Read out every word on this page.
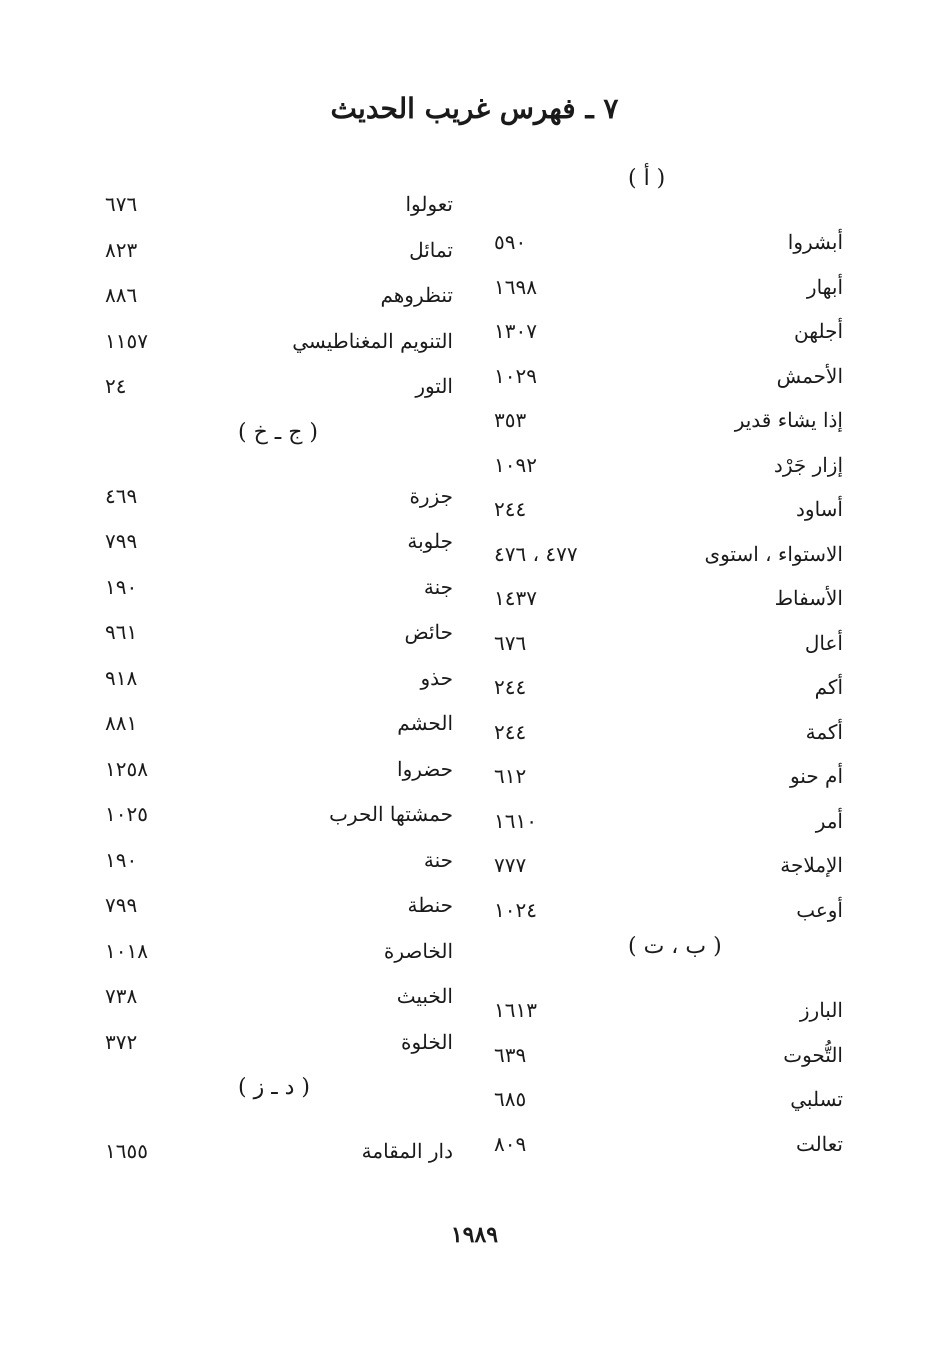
٧ ـ فهرس غريب الحديث
( أ )
أبشروا
٥٩٠
أبهار
١٦٩٨
أجلهن
١٣٠٧
الأحمش
١٠٢٩
إذا يشاء قدير
٣٥٣
إزار جَرْد
١٠٩٢
أساود
٢٤٤
الاستواء ، استوى
٤٧٧ ، ٤٧٦
الأسفاط
١٤٣٧
أعال
٦٧٦
أكم
٢٤٤
أكمة
٢٤٤
أم حنو
٦١٢
أمر
١٦١٠
الإملاجة
٧٧٧
أوعب
١٠٢٤
( ب ، ت )
البارز
١٦١٣
التُّحوت
٦٣٩
تسلبي
٦٨٥
تعالت
٨٠٩
تعولوا
٦٧٦
تمائل
٨٢٣
تنظروهم
٨٨٦
التنويم المغناطيسي
١١٥٧
التور
٢٤
( ج ـ خ )
جزرة
٤٦٩
جلوبة
٧٩٩
جنة
١٩٠
حائض
٩٦١
حذو
٩١٨
الحشم
٨٨١
حضروا
١٢٥٨
حمشتها الحرب
١٠٢٥
حنة
١٩٠
حنطة
٧٩٩
الخاصرة
١٠١٨
الخبيث
٧٣٨
الخلوة
٣٧٢
( د ـ ز )
دار المقامة
١٦٥٥
١٩٨٩
